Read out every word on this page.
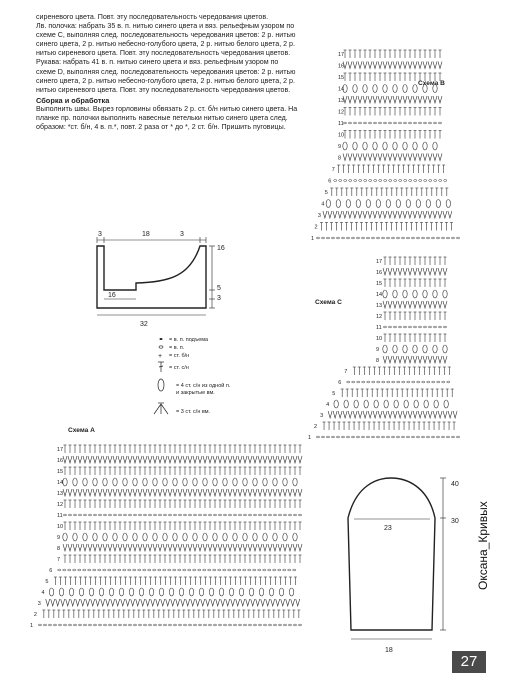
сиреневого цвета. Повт. эту последовательность чередования цветов.

Лв. полочка: набрать 35 в. п. нитью синего цвета и вяз. рельефным узором по схеме С, выполняя след. последовательность чередования цветов: 2 р. нитью синего цвета, 2 р. нитью небесно-голубого цвета, 2 р. нитью белого цвета, 2 р. нитью сиреневого цвета. Повт. эту последовательность чередования цветов.

Рукава: набрать 41 в. п. нитью синего цвета и вяз. рельефным узором по схеме D, выполняя след. последовательность чередования цветов: 2 р. нитью синего цвета, 2 р. нитью небесно-голубого цвета, 2 р. нитью белого цвета, 2 р. нитью сиреневого цвета. Повт. эту последовательность чередования цветов.

Сборка и обработка

Выполнить швы. Вырез горловины обвязать 2 р. ст. б/н нитью синего цвета. На планке пр. полочки выполнить навесные петельки нитью синего цвета след. образом: *ст. б/н, 4 в. п.*, повт. 2 раза от * до *, 2 ст. б/н. Пришить пуговицы.

3	18	3
16
16
5
3
32
= в. п. подъема
= в. п.
+ = ст. б/н
= ст. с/н
= 4 ст. с/н из одной п.
и закрытые вм.
= 3 ст. с/н вм.
Схема А
Схема В
Схема С
1
2
3
4
5
6
7
8
9
10
11
12
13
14
15
16
17
1
2
3
4
5
6
7
8
9
10
11
12
13
14
15
16
17
1
2
3
4
5
6
7
8
9
10
11
12
13
14
15
16
17
40
30
23
18
27
Оксана_Кривых
